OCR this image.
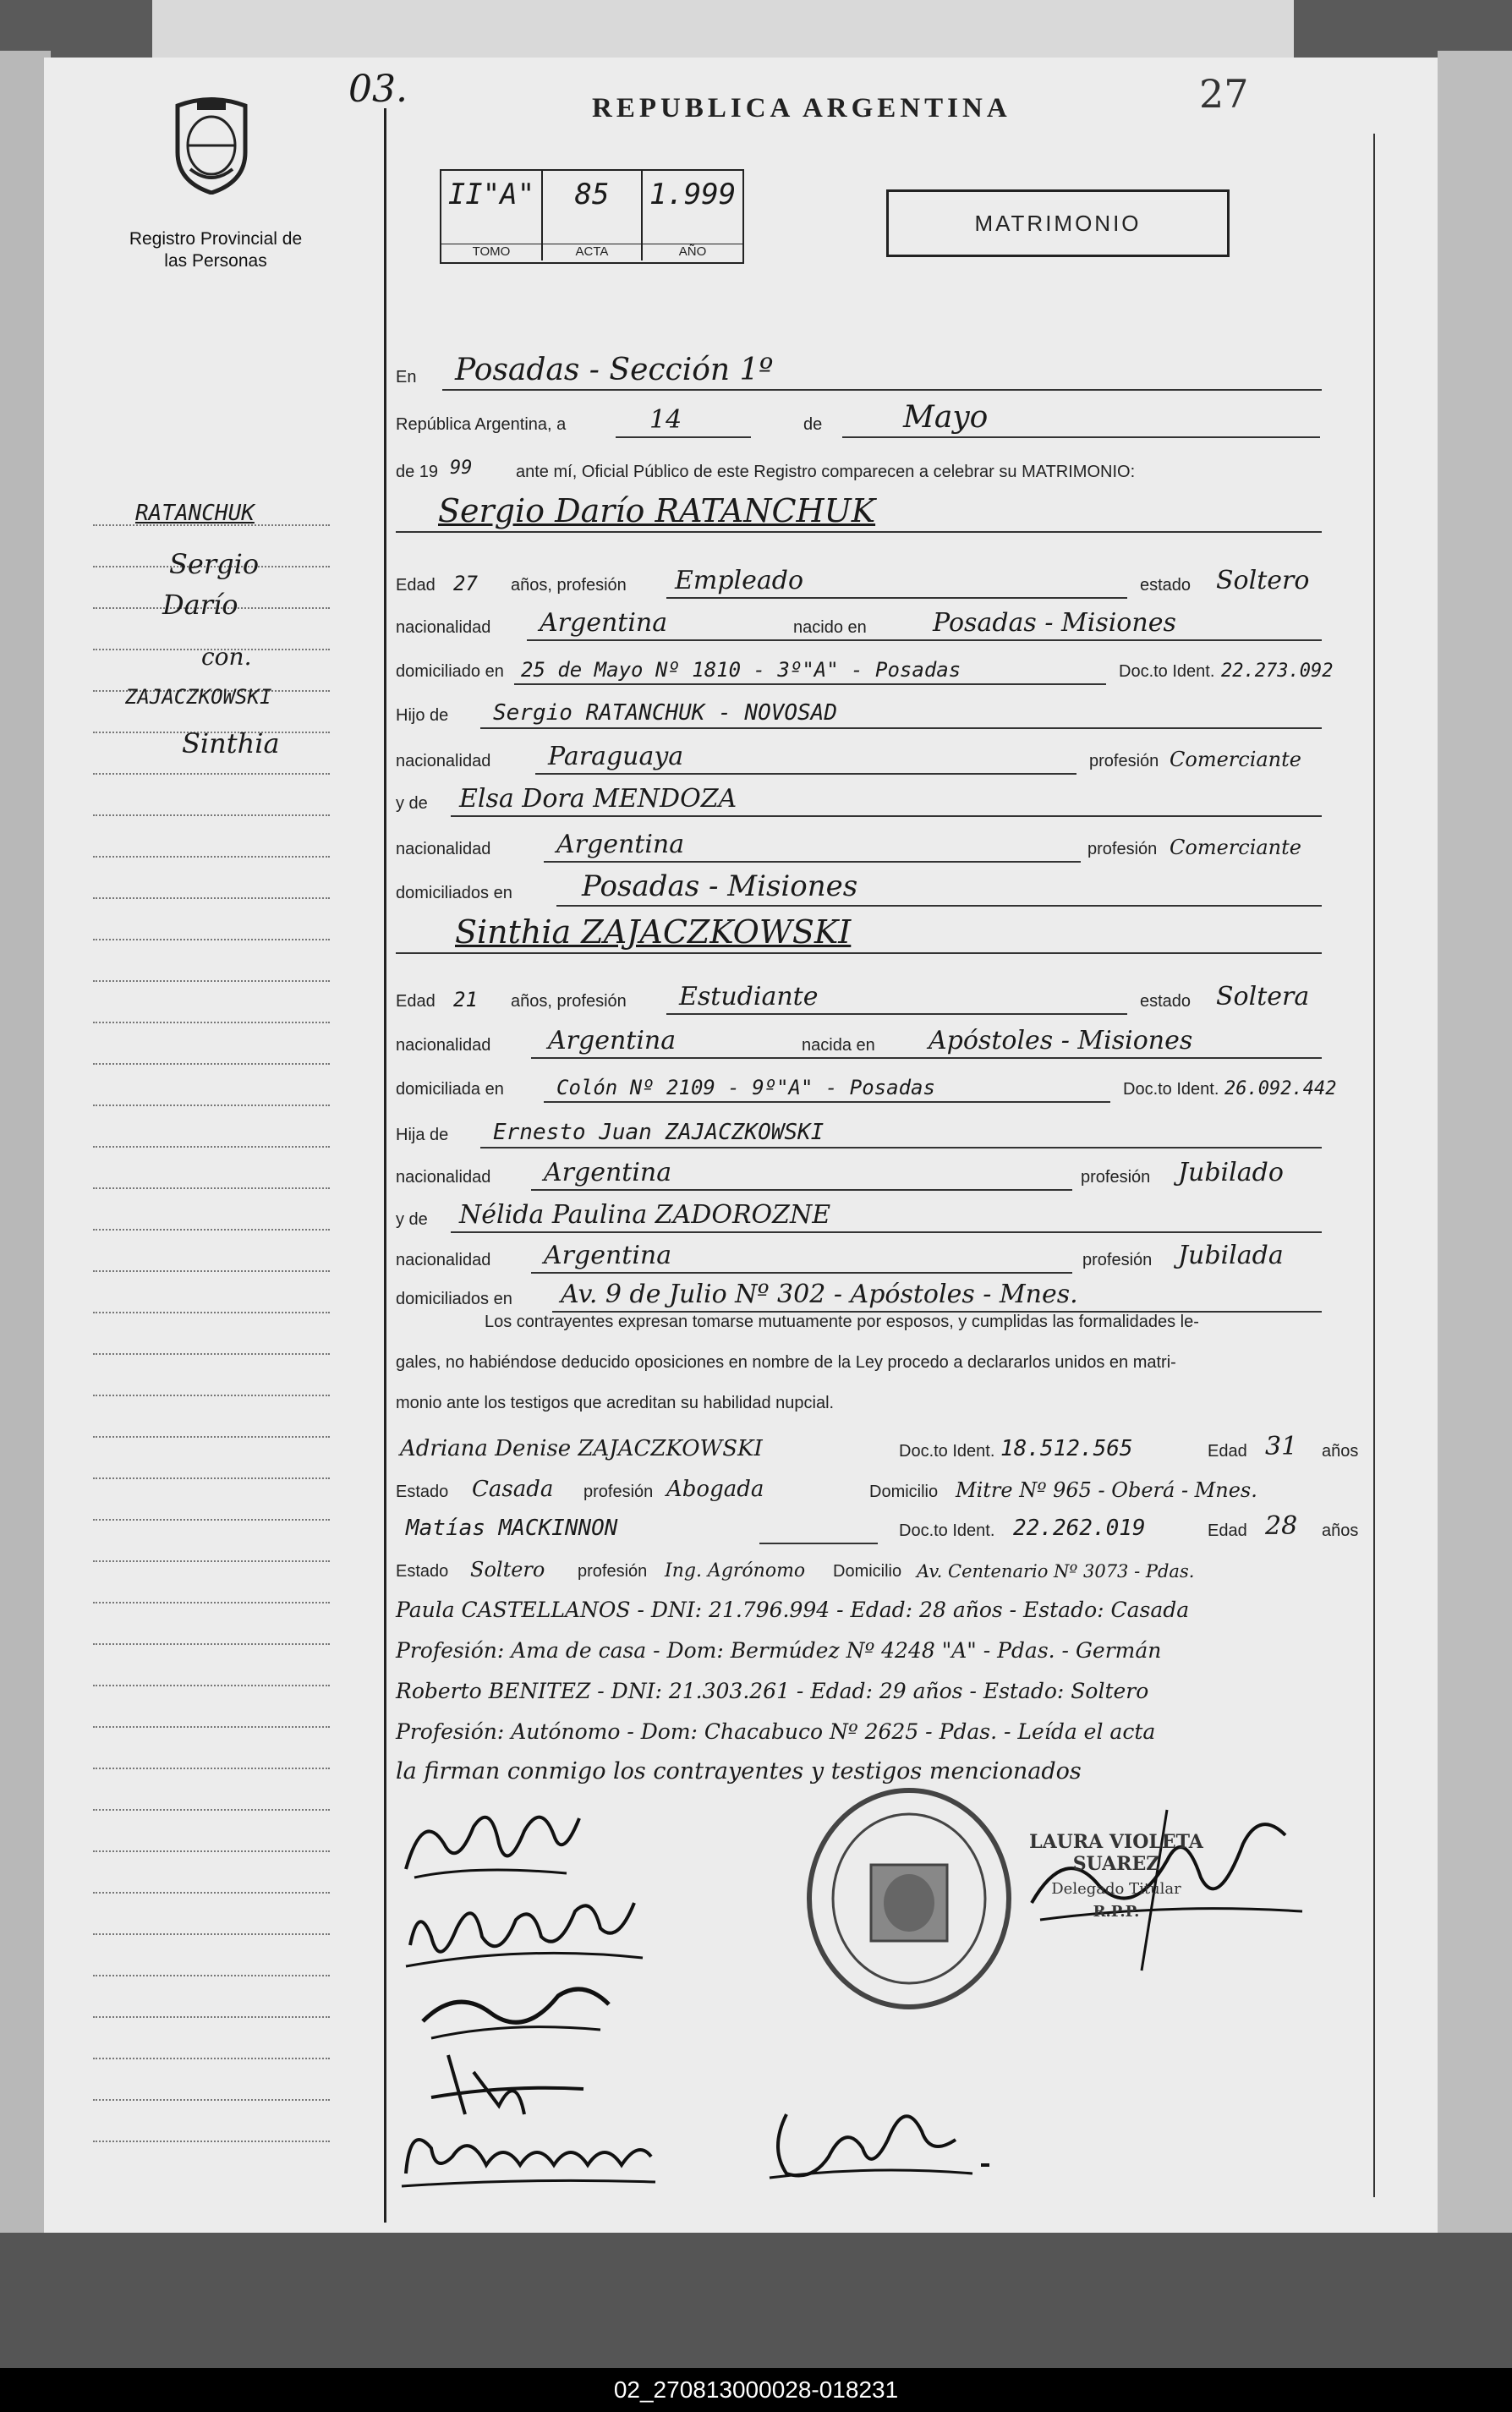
Registro Provincial de las Personas
RATANCHUK
Sergio
Darío
con.
ZAJACZKOWSKI
Sinthia
03.	REPUBLICA ARGENTINA	27
II"A"
TOMO
85
ACTA
1.999
AÑO
MATRIMONIO
En Posadas - Sección 1º
República Argentina, a	14	de	Mayo
de 19 99	ante mí, Oficial Público de este Registro comparecen a celebrar su MATRIMONIO:
Sergio Darío RATANCHUK
Edad 27 años, profesión Empleado	estado Soltero
nacionalidad Argentina	nacido en	Posadas - Misiones
domiciliado en 25 de Mayo Nº 1810 - 3º"A" - Posadas	Doc.to Ident. 22.273.092
Hijo de Sergio RATANCHUK - NOVOSAD
nacionalidad Paraguaya	profesión Comerciante
y de Elsa Dora MENDOZA
nacionalidad	Argentina	profesión Comerciante
domiciliados en Posadas - Misiones
Sinthia ZAJACZKOWSKI
Edad 21 años, profesión Estudiante	estado Soltera
nacionalidad Argentina	nacida en Apóstoles - Misiones
domiciliada en	Colón Nº 2109 - 9º"A" - Posadas	Doc.to Ident. 26.092.442
Hija de Ernesto Juan ZAJACZKOWSKI
nacionalidad Argentina	profesión Jubilado
y de Nélida Paulina ZADOROZNE
nacionalidad Argentina	profesión Jubilada
domiciliados en Av. 9 de Julio Nº 302 - Apóstoles - Mnes.
Los contrayentes expresan tomarse mutuamente por esposos, y cumplidas las formalidades le-
gales, no habiéndose deducido oposiciones en nombre de la Ley procedo a declararlos unidos en matri-
monio ante los testigos que acreditan su habilidad nupcial.
Adriana Denise ZAJACZKOWSKI	Doc.to Ident. 18.512.565	Edad 31 años
Estado Casada profesión Abogada	Domicilio Mitre Nº 965 - Oberá - Mnes.
Matías MACKINNON	Doc.to Ident. 22.262.019	Edad 28 años
Estado Soltero profesión Ing. Agrónomo Domicilio Av. Centenario Nº 3073 - Pdas.
Paula CASTELLANOS - DNI: 21.796.994 - Edad: 28 años - Estado: Casada
Profesión: Ama de casa - Dom: Bermúdez Nº 4248 "A" - Pdas. - Germán
Roberto BENITEZ - DNI: 21.303.261 - Edad: 29 años - Estado: Soltero
Profesión: Autónomo - Dom: Chacabuco Nº 2625 - Pdas. - Leída el acta
la firman conmigo los contrayentes y testigos mencionados
LAURA VIOLETA SUAREZ
Delegado Titular
R.P.P.
02_270813000028-018231
